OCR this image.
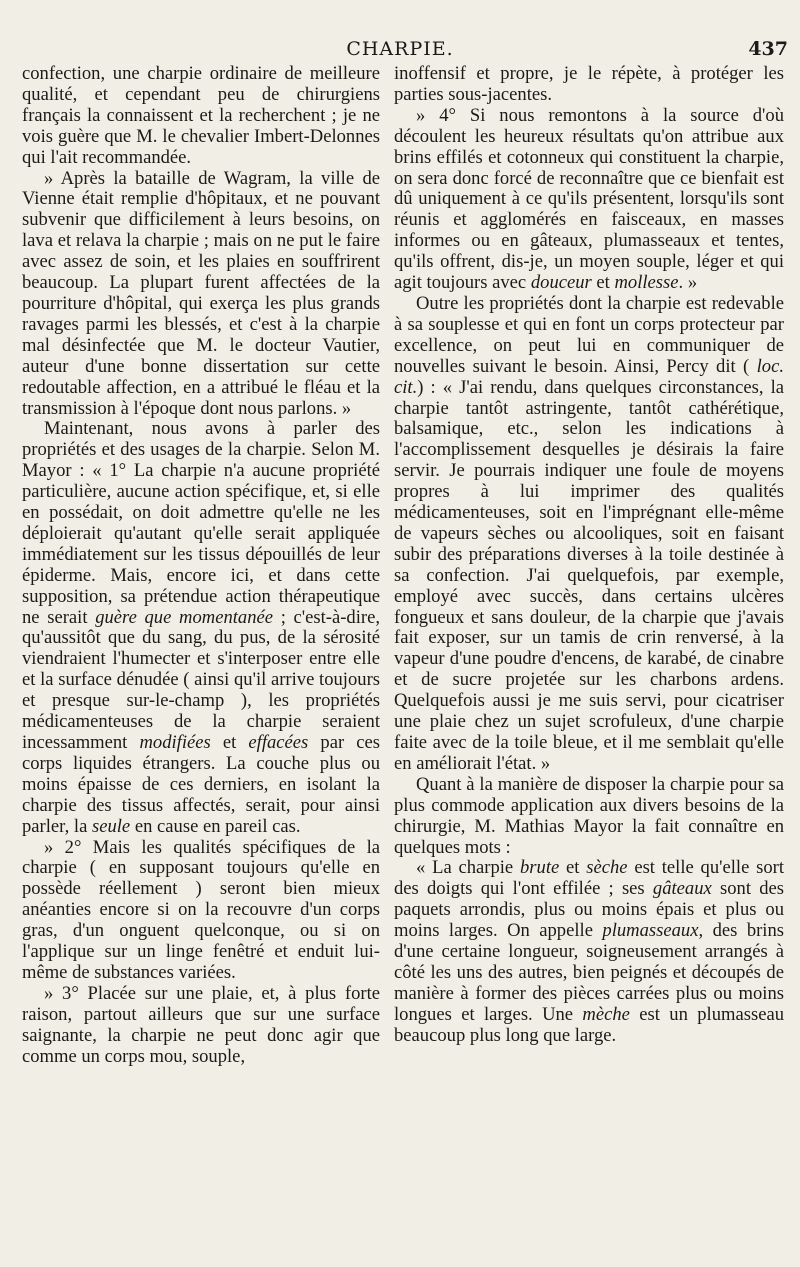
CHARPIE.	437

confection, une charpie ordinaire de meilleure qualité, et cependant peu de chirurgiens français la connaissent et la recherchent ; je ne vois guère que M. le chevalier Imbert-Delonnes qui l'ait recommandée.

» Après la bataille de Wagram, la ville de Vienne était remplie d'hôpitaux, et ne pouvant subvenir que difficilement à leurs besoins, on lava et relava la charpie ; mais on ne put le faire avec assez de soin, et les plaies en souffrirent beaucoup. La plupart furent affectées de la pourriture d'hôpital, qui exerça les plus grands ravages parmi les blessés, et c'est à la charpie mal désinfectée que M. le docteur Vautier, auteur d'une bonne dissertation sur cette redoutable affection, en a attribué le fléau et la transmission à l'époque dont nous parlons. »

Maintenant, nous avons à parler des propriétés et des usages de la charpie. Selon M. Mayor : « 1° La charpie n'a aucune propriété particulière, aucune action spécifique, et, si elle en possédait, on doit admettre qu'elle ne les déploierait qu'autant qu'elle serait appliquée immédiatement sur les tissus dépouillés de leur épiderme. Mais, encore ici, et dans cette supposition, sa prétendue action thérapeutique ne serait guère que momentanée ; c'est-à-dire, qu'aussitôt que du sang, du pus, de la sérosité viendraient l'humecter et s'interposer entre elle et la surface dénudée ( ainsi qu'il arrive toujours et presque sur-le-champ ), les propriétés médicamenteuses de la charpie seraient incessamment modifiées et effacées par ces corps liquides étrangers. La couche plus ou moins épaisse de ces derniers, en isolant la charpie des tissus affectés, serait, pour ainsi parler, la seule en cause en pareil cas.

» 2° Mais les qualités spécifiques de la charpie ( en supposant toujours qu'elle en possède réellement ) seront bien mieux anéanties encore si on la recouvre d'un corps gras, d'un onguent quelconque, ou si on l'applique sur un linge fenêtré et enduit lui-même de substances variées.

» 3° Placée sur une plaie, et, à plus forte raison, partout ailleurs que sur une surface saignante, la charpie ne peut donc agir que comme un corps mou, souple,

inoffensif et propre, je le répète, à protéger les parties sous-jacentes.

» 4° Si nous remontons à la source d'où découlent les heureux résultats qu'on attribue aux brins effilés et cotonneux qui constituent la charpie, on sera donc forcé de reconnaître que ce bienfait est dû uniquement à ce qu'ils présentent, lorsqu'ils sont réunis et agglomérés en faisceaux, en masses informes ou en gâteaux, plumasseaux et tentes, qu'ils offrent, dis-je, un moyen souple, léger et qui agit toujours avec douceur et mollesse. »

Outre les propriétés dont la charpie est redevable à sa souplesse et qui en font un corps protecteur par excellence, on peut lui en communiquer de nouvelles suivant le besoin. Ainsi, Percy dit ( loc. cit.) : « J'ai rendu, dans quelques circonstances, la charpie tantôt astringente, tantôt cathérétique, balsamique, etc., selon les indications à l'accomplissement desquelles je désirais la faire servir. Je pourrais indiquer une foule de moyens propres à lui imprimer des qualités médicamenteuses, soit en l'imprégnant elle-même de vapeurs sèches ou alcooliques, soit en faisant subir des préparations diverses à la toile destinée à sa confection. J'ai quelquefois, par exemple, employé avec succès, dans certains ulcères fongueux et sans douleur, de la charpie que j'avais fait exposer, sur un tamis de crin renversé, à la vapeur d'une poudre d'encens, de karabé, de cinabre et de sucre projetée sur les charbons ardens. Quelquefois aussi je me suis servi, pour cicatriser une plaie chez un sujet scrofuleux, d'une charpie faite avec de la toile bleue, et il me semblait qu'elle en améliorait l'état. »

Quant à la manière de disposer la charpie pour sa plus commode application aux divers besoins de la chirurgie, M. Mathias Mayor la fait connaître en quelques mots :

« La charpie brute et sèche est telle qu'elle sort des doigts qui l'ont effilée ; ses gâteaux sont des paquets arrondis, plus ou moins épais et plus ou moins larges. On appelle plumasseaux, des brins d'une certaine longueur, soigneusement arrangés à côté les uns des autres, bien peignés et découpés de manière à former des pièces carrées plus ou moins longues et larges. Une mèche est un plumasseau beaucoup plus long que large.
